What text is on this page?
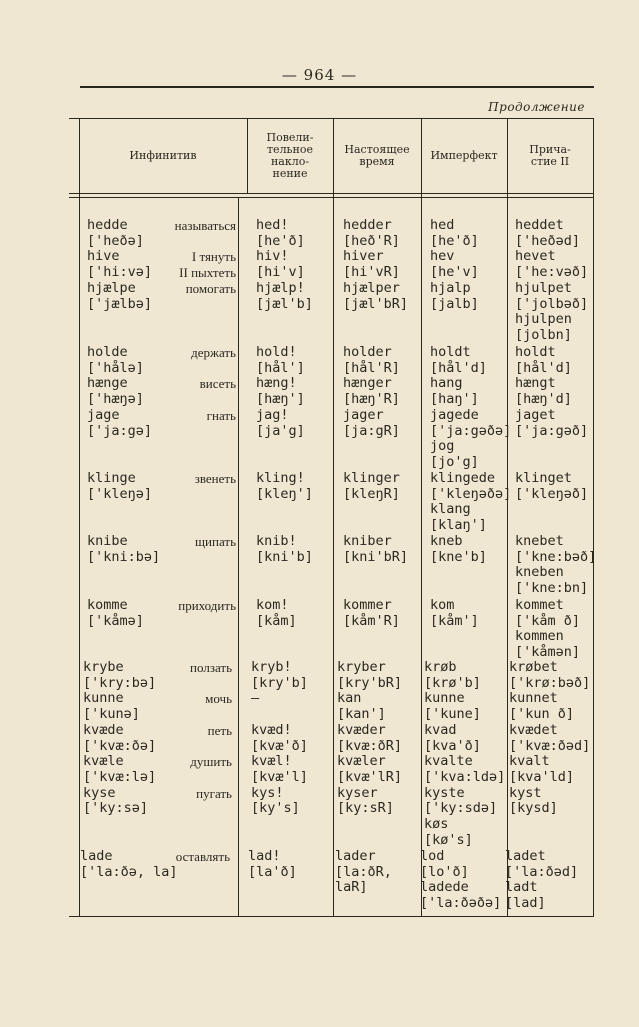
— 964 —
Продолжение
Инфинитив
Повели-
тельное
накло-
нение
Настоящее
время	Имперфект	Прича-
стие II
hedde
['heðə]
hive
['hi:və]
hjælpe
['jælbə]
называться

I тянуть
II пыхтеть
помогать
hed!
[he'ð]
hiv!
[hi'v]
hjælp!
[jæl'b]
hedder
[heð'R]
hiver
[hi'vR]
hjælper
[jæl'bR]
hed
[he'ð]
hev
[he'v]
hjalp
[jalb]
heddet
['heðəd]
hevet
['he:vəð]
hjulpet
['jolbəð]
hjulpen
[jolbn]
holde
['hålə]
hænge
['hæŋə]
jage
['ja:gə]
держать

висеть

гнать
hold!
[hål']
hæng!
[hæŋ']
jag!
[ja'g]
holder
[hål'R]
hænger
[hæŋ'R]
jager
[ja:gR]
holdt
[hål'd]
hang
[haŋ']
jagede
['ja:gəðə]
jog
[jo'g]
holdt
[hål'd]
hængt
[hæŋ'd]
jaget
['ja:gəð]
klinge
['kleŋə]
звенеть kling!
[kleŋ']
klinger
[kleŋR]
klingede
['kleŋəðə]
klang
[klaŋ']
klinget
['kleŋəð]
knibe
['kni:bə]
щипать knib!
[kni'b]
kniber
[kni'bR]
kneb
[kne'b]
knebet
['kne:bəð]
kneben
['kne:bn]
komme
['kåmə]
приходить kom!
[kåm]
kommer
[kåm'R]
kom
[kåm']
kommet
['kåm ð]
kommen
['kåmən]
krybe
['kry:bə]
kunne
['kunə]
kvæde
['kvæ:ðə]
kvæle
['kvæ:lə]
kyse
['ky:sə]
ползать

мочь

петь

душить

пугать
kryb!
[kry'b]
—

kvæd!
[kvæ'ð]
kvæl!
[kvæ'l]
kys!
[ky's]
kryber
[kry'bR]
kan
[kan']
kvæder
[kvæ:ðR]
kvæler
[kvæ'lR]
kyser
[ky:sR]
krøb
[krø'b]
kunne
['kune]
kvad
[kva'ð]
kvalte
['kva:ldə]
kyste
['ky:sdə]
køs
[kø's]
krøbet
['krø:bəð]
kunnet
['kun ð]
kvædet
['kvæ:ðəd]
kvalt
[kva'ld]
kyst
[kysd]
lade
['la:ðə, la]
оставлять lad!
[la'ð]
lader
[la:ðR,
laR]
lod
[lo'ð]
ladede
['la:ðəðə]
ladet
['la:ðəd]
ladt
[lad]
